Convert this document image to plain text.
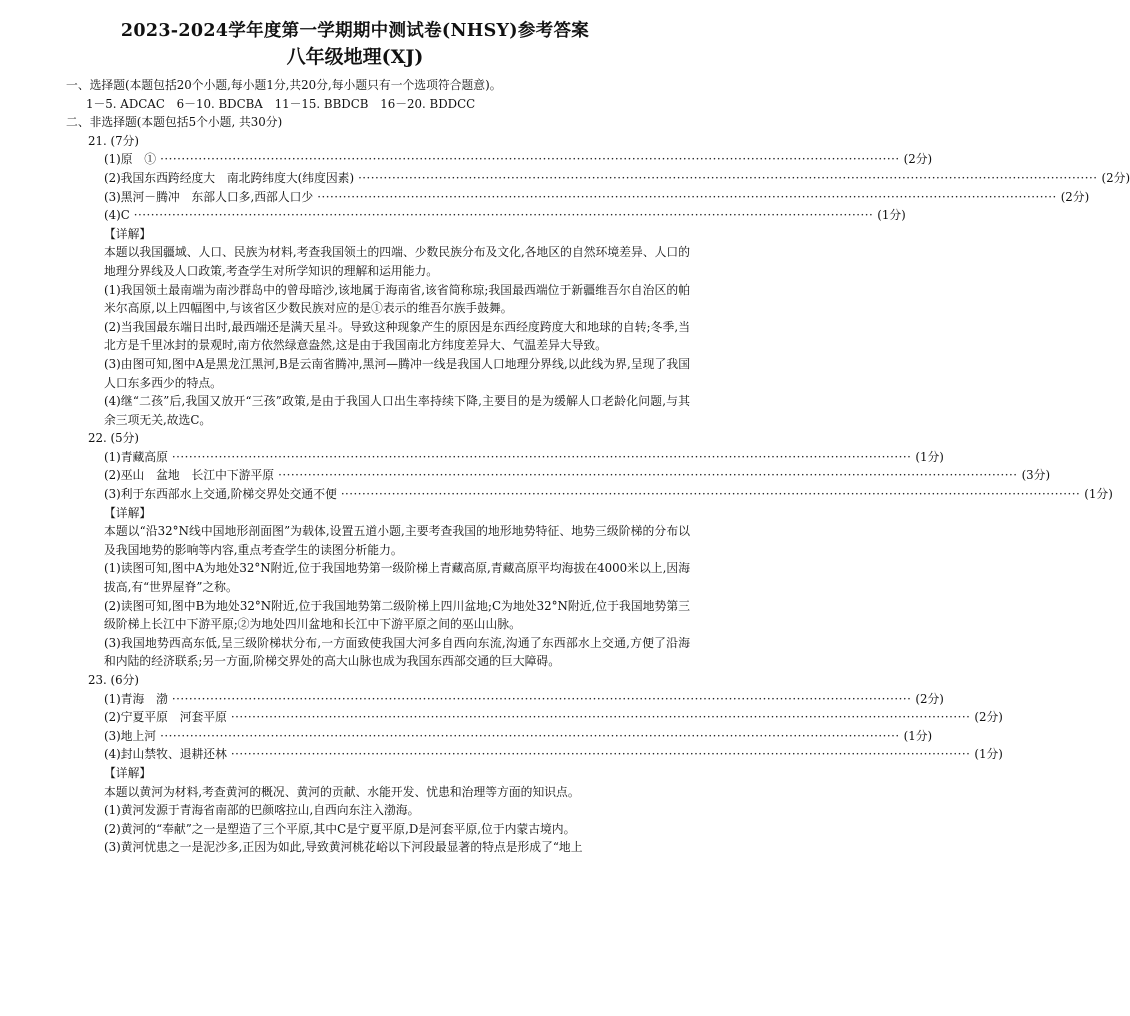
2023-2024学年度第一学期期中测试卷(NHSY)参考答案
八年级地理(XJ)
一、选择题(本题包括20个小题,每小题1分,共20分,每小题只有一个选项符合题意)。
1－5. ADCAC　6－10. BDCBA　11－15. BBDCB　16－20. BDDCC
二、非选择题(本题包括5个小题, 共30分)
21. (7分)
(1)原　① ·············································································································································································· (2分)
(2)我国东西跨经度大　南北跨纬度大(纬度因素) ·············································································································································································· (2分)
(3)黑河－腾冲　东部人口多,西部人口少 ·············································································································································································· (2分)
(4)C ·············································································································································································· (1分)
【详解】
本题以我国疆域、人口、民族为材料,考查我国领土的四端、少数民族分布及文化,各地区的自然环境差异、人口的地理分界线及人口政策,考查学生对所学知识的理解和运用能力。
(1)我国领土最南端为南沙群岛中的曾母暗沙,该地属于海南省,该省简称琼;我国最西端位于新疆维吾尔自治区的帕米尔高原,以上四幅图中,与该省区少数民族对应的是①表示的维吾尔族手鼓舞。
(2)当我国最东端日出时,最西端还是满天星斗。导致这种现象产生的原因是东西经度跨度大和地球的自转;冬季,当北方是千里冰封的景观时,南方依然绿意盎然,这是由于我国南北方纬度差异大、气温差异大导致。
(3)由图可知,图中A是黑龙江黑河,B是云南省腾冲,黑河—腾冲一线是我国人口地理分界线,以此线为界,呈现了我国人口东多西少的特点。
(4)继“二孩”后,我国又放开“三孩”政策,是由于我国人口出生率持续下降,主要目的是为缓解人口老龄化问题,与其余三项无关,故选C。
22. (5分)
(1)青藏高原 ·············································································································································································· (1分)
(2)巫山　盆地　长江中下游平原 ·············································································································································································· (3分)
(3)利于东西部水上交通,阶梯交界处交通不便 ·············································································································································································· (1分)
【详解】
本题以“沿32°N线中国地形剖面图”为载体,设置五道小题,主要考查我国的地形地势特征、地势三级阶梯的分布以及我国地势的影响等内容,重点考查学生的读图分析能力。
(1)读图可知,图中A为地处32°N附近,位于我国地势第一级阶梯上青藏高原,青藏高原平均海拔在4000米以上,因海拔高,有“世界屋脊”之称。
(2)读图可知,图中B为地处32°N附近,位于我国地势第二级阶梯上四川盆地;C为地处32°N附近,位于我国地势第三级阶梯上长江中下游平原;②为地处四川盆地和长江中下游平原之间的巫山山脉。
(3)我国地势西高东低,呈三级阶梯状分布,一方面致使我国大河多自西向东流,沟通了东西部水上交通,方便了沿海和内陆的经济联系;另一方面,阶梯交界处的高大山脉也成为我国东西部交通的巨大障碍。
23. (6分)
(1)青海　渤 ·············································································································································································· (2分)
(2)宁夏平原　河套平原 ·············································································································································································· (2分)
(3)地上河 ·············································································································································································· (1分)
(4)封山禁牧、退耕还林 ·············································································································································································· (1分)
【详解】
本题以黄河为材料,考查黄河的概况、黄河的贡献、水能开发、忧患和治理等方面的知识点。
(1)黄河发源于青海省南部的巴颜喀拉山,自西向东注入渤海。
(2)黄河的“奉献”之一是塑造了三个平原,其中C是宁夏平原,D是河套平原,位于内蒙古境内。
(3)黄河忧患之一是泥沙多,正因为如此,导致黄河桃花峪以下河段最显著的特点是形成了“地上
